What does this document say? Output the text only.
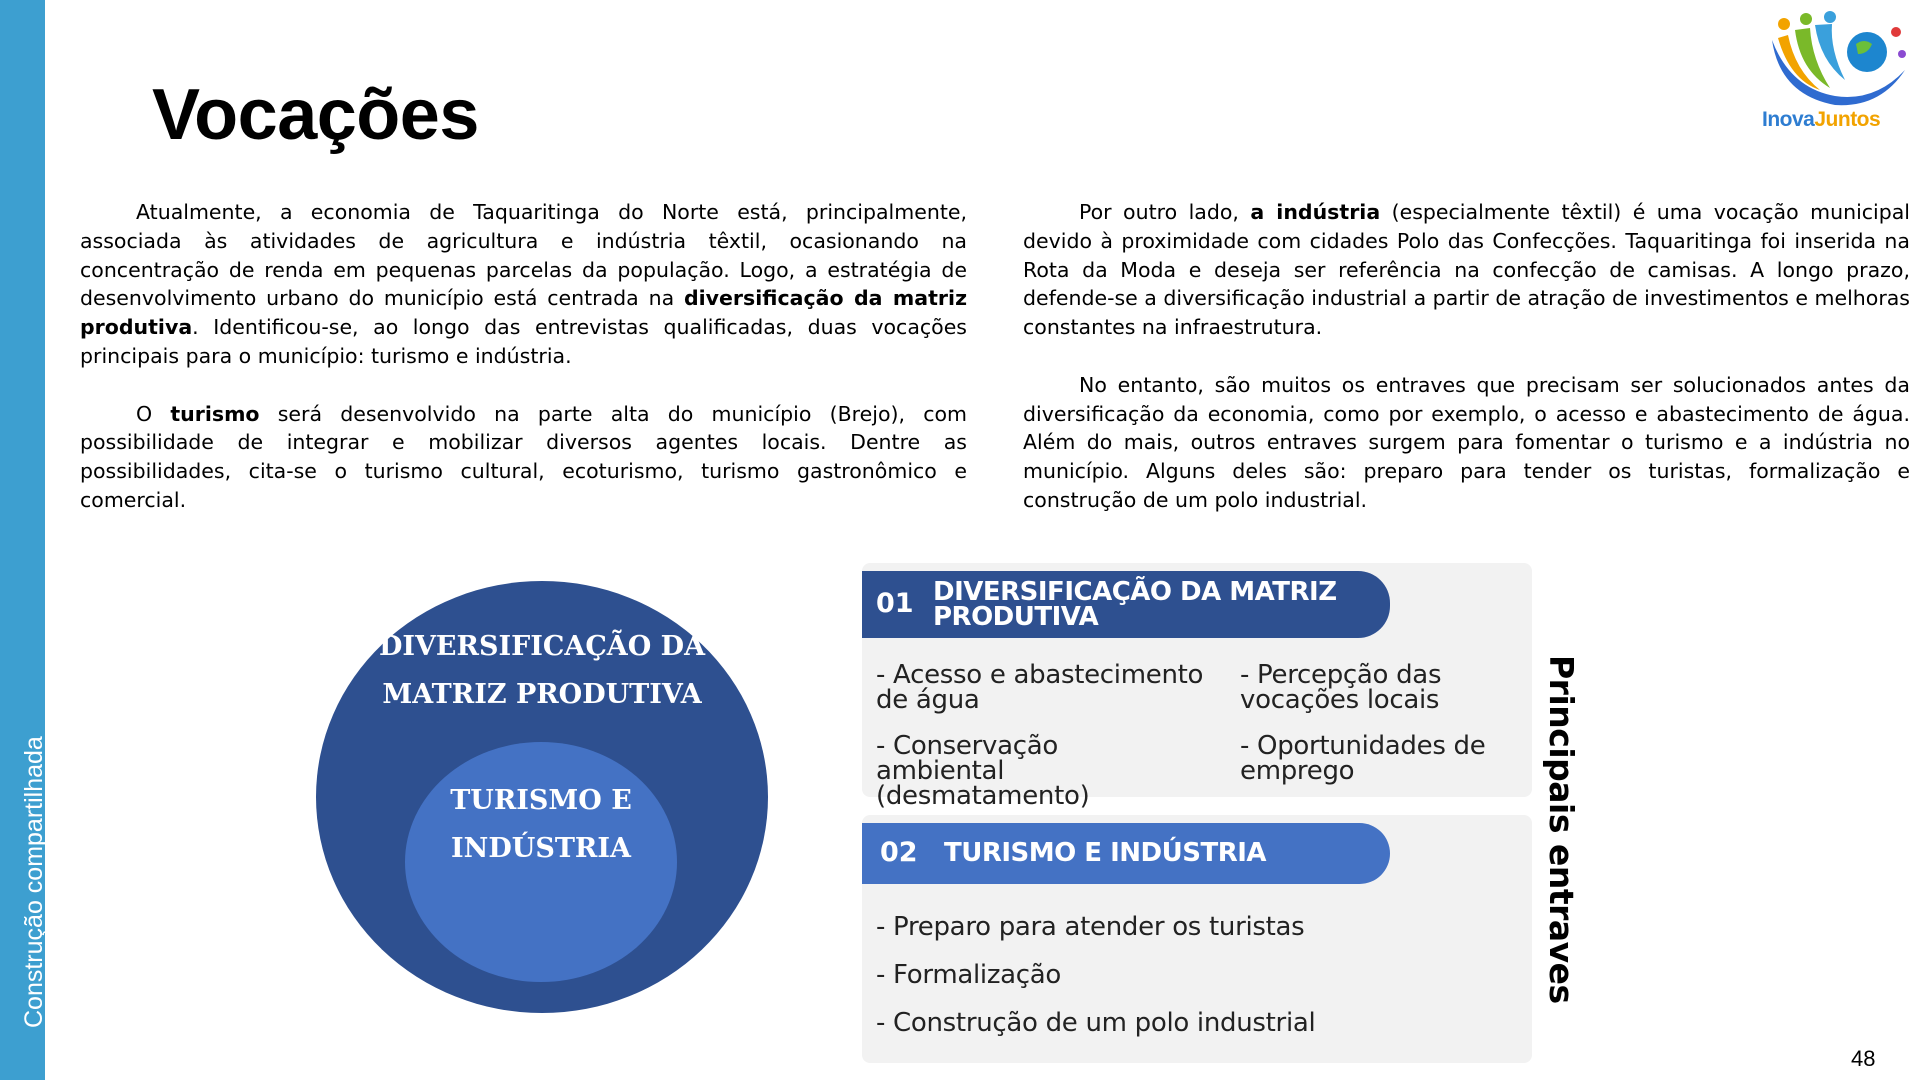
Construção compartilhada
Vocações	InovaJuntos

Atualmente, a economia de Taquaritinga do Norte está, principalmente, associada às atividades de agricultura e indústria têxtil, ocasionando na concentração de renda em pequenas parcelas da população. Logo, a estratégia de desenvolvimento urbano do município está centrada na diversificação da matriz produtiva. Identificou-se, ao longo das entrevistas qualificadas, duas vocações principais para o município: turismo e indústria.

O turismo será desenvolvido na parte alta do município (Brejo), com possibilidade de integrar e mobilizar diversos agentes locais. Dentre as possibilidades, cita-se o turismo cultural, ecoturismo, turismo gastronômico e comercial.

Por outro lado, a indústria (especialmente têxtil) é uma vocação municipal devido à proximidade com cidades Polo das Confecções. Taquaritinga foi inserida na Rota da Moda e deseja ser referência na confecção de camisas. A longo prazo, defende-se a diversificação industrial a partir de atração de investimentos e melhoras constantes na infraestrutura.

No entanto, são muitos os entraves que precisam ser solucionados antes da diversificação da economia, como por exemplo, o acesso e abastecimento de água. Além do mais, outros entraves surgem para fomentar o turismo e a indústria no município. Alguns deles são: preparo para tender os turistas, formalização e construção de um polo industrial.

DIVERSIFICAÇÃO DA
MATRIZ PRODUTIVA
TURISMO E
INDÚSTRIA
01 DIVERSIFICAÇÃO DA MATRIZ PRODUTIVA
- Acesso e abastecimento de água
- Percepção das vocações locais
- Conservação ambiental (desmatamento)
- Oportunidades de emprego
02 TURISMO E INDÚSTRIA
- Preparo para atender os turistas
- Formalização
- Construção de um polo industrial
Principais entraves
48
